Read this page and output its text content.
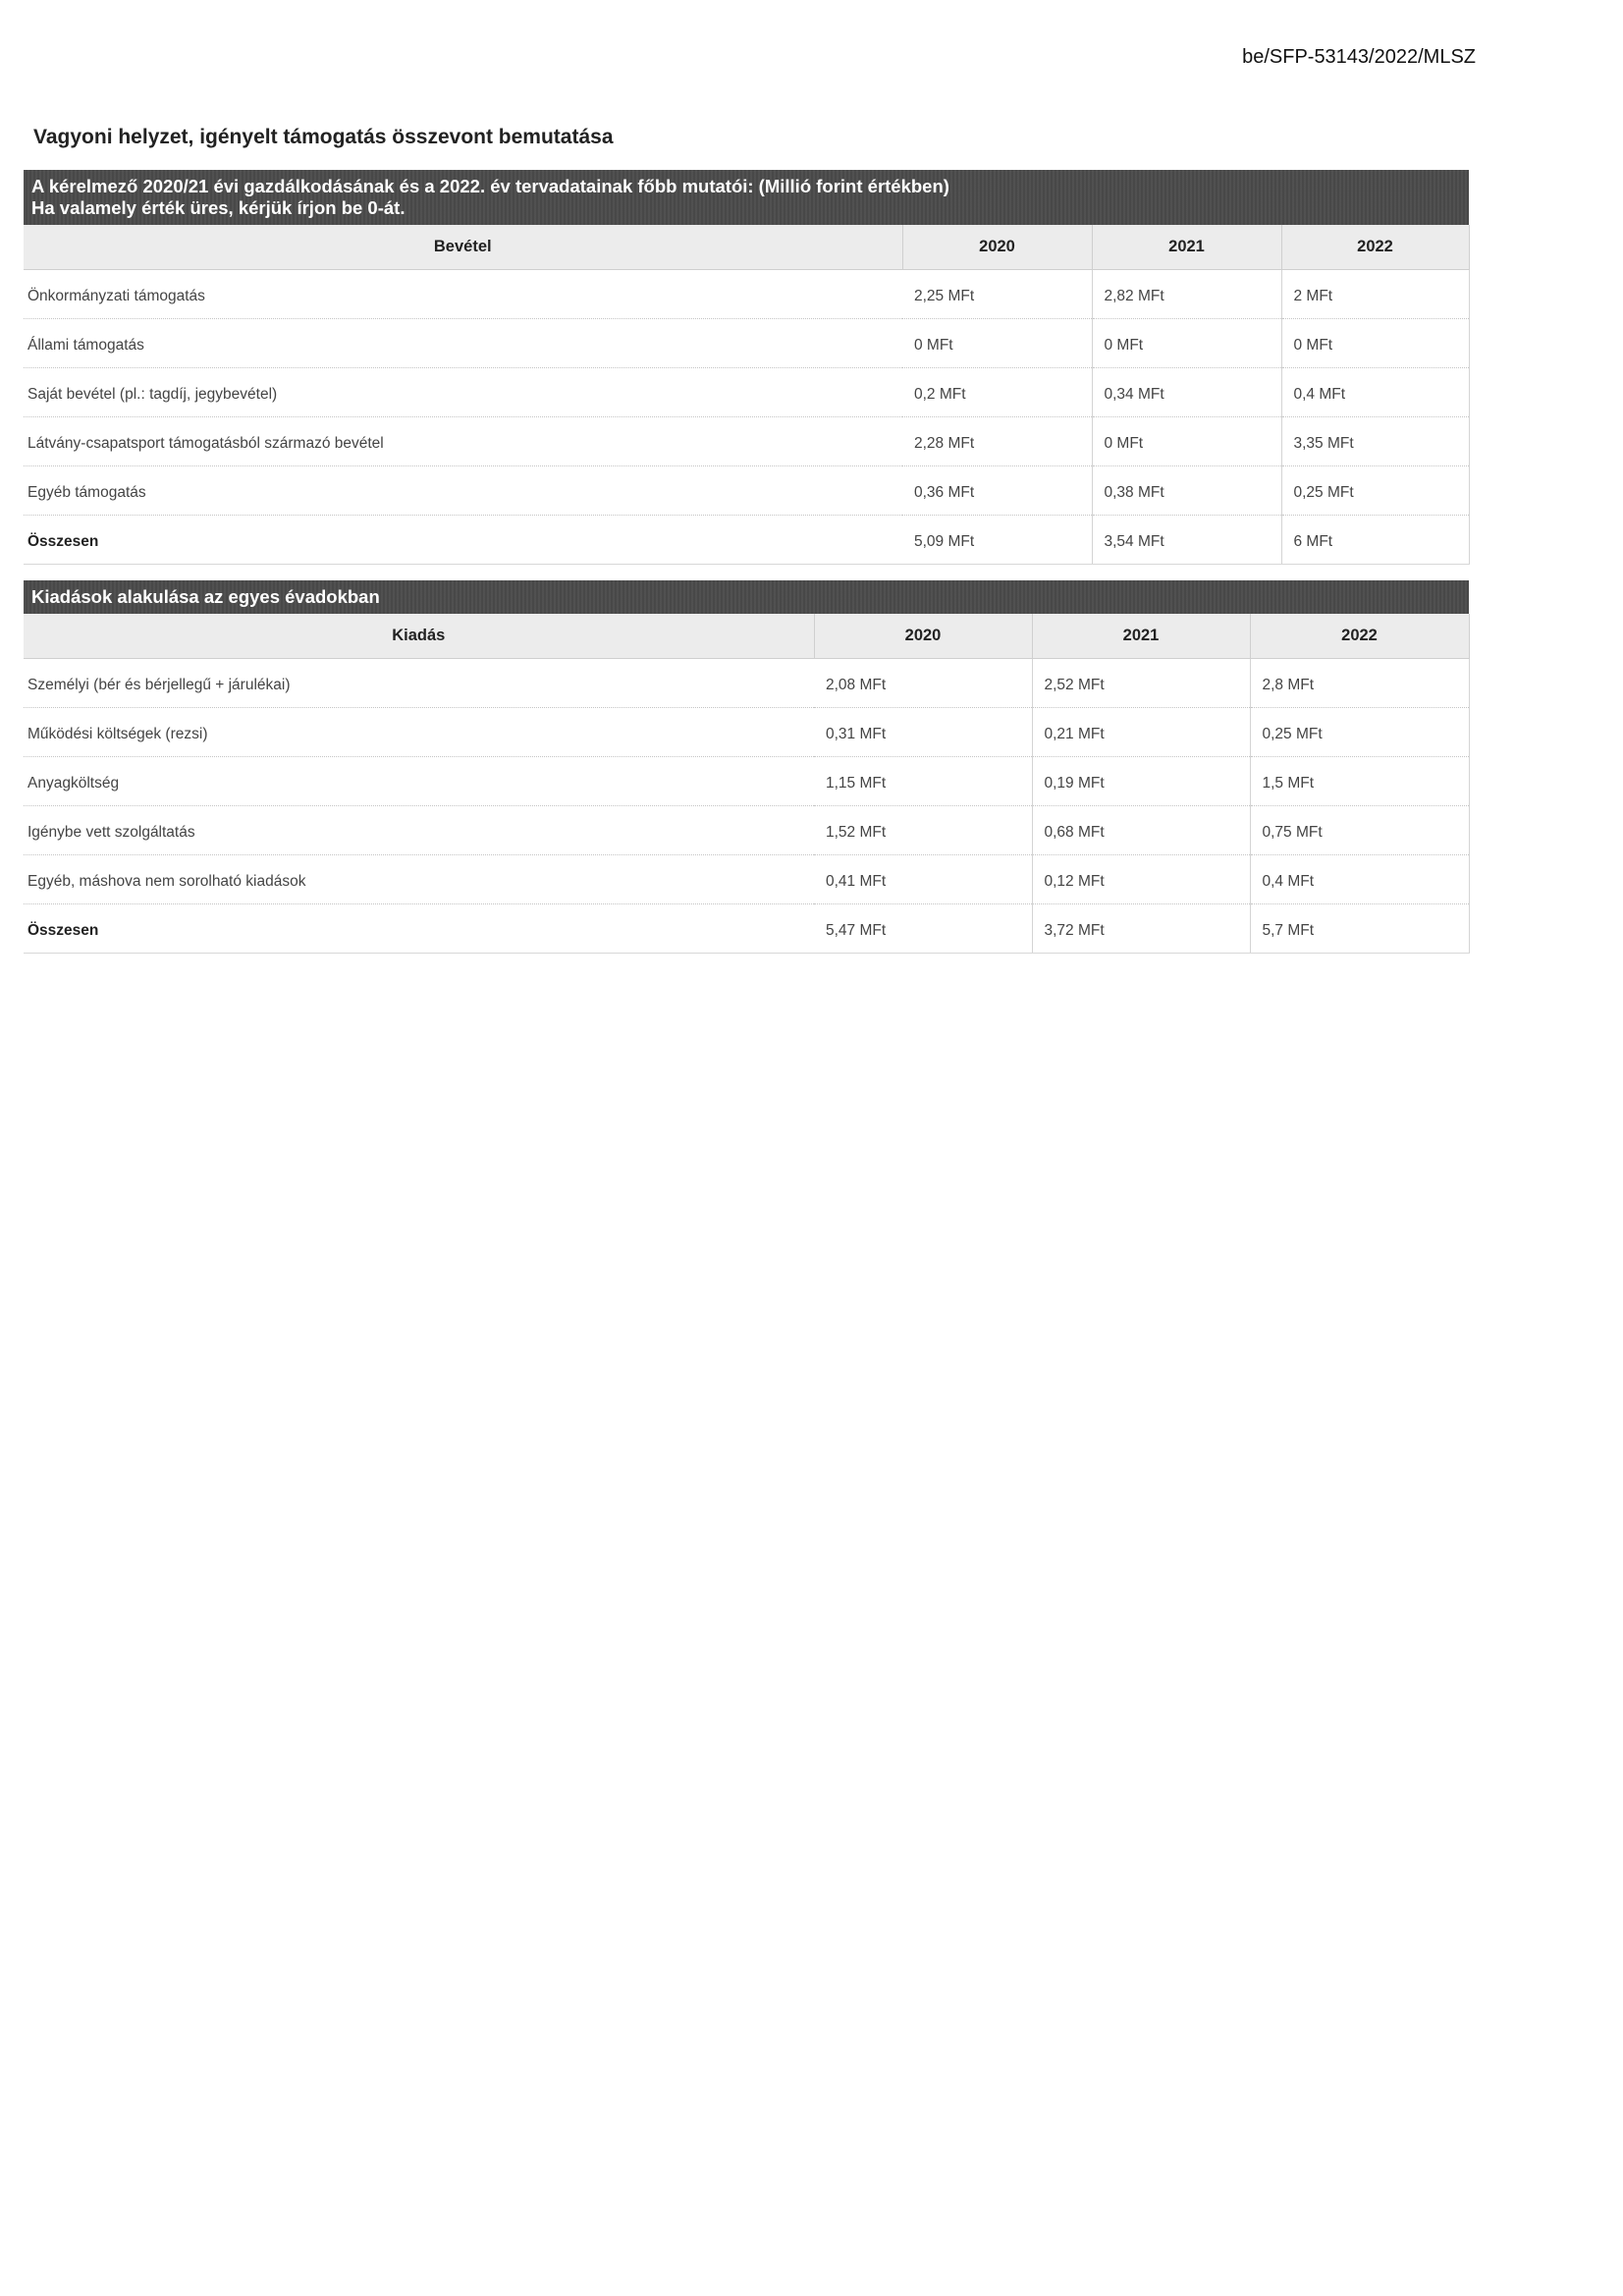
be/SFP-53143/2022/MLSZ
Vagyoni helyzet, igényelt támogatás összevont bemutatása
A kérelmező 2020/21 évi gazdálkodásának és a 2022. év tervadatainak főbb mutatói: (Millió forint értékben)
Ha valamely érték üres, kérjük írjon be 0-át.
Bevétel	2020	2021	2022
Önkormányzati támogatás	2,25 MFt	2,82 MFt	2 MFt
Állami támogatás	0 MFt	0 MFt	0 MFt
Saját bevétel (pl.: tagdíj, jegybevétel)	0,2 MFt	0,34 MFt	0,4 MFt
Látvány-csapatsport támogatásból származó bevétel	2,28 MFt	0 MFt	3,35 MFt
Egyéb támogatás	0,36 MFt	0,38 MFt	0,25 MFt
Összesen	5,09 MFt	3,54 MFt	6 MFt
Kiadások alakulása az egyes évadokban
Kiadás	2020	2021	2022
Személyi (bér és bérjellegű + járulékai)	2,08 MFt	2,52 MFt	2,8 MFt
Működési költségek (rezsi)	0,31 MFt	0,21 MFt	0,25 MFt
Anyagköltség	1,15 MFt	0,19 MFt	1,5 MFt
Igénybe vett szolgáltatás	1,52 MFt	0,68 MFt	0,75 MFt
Egyéb, máshova nem sorolható kiadások	0,41 MFt	0,12 MFt	0,4 MFt
Összesen	5,47 MFt	3,72 MFt	5,7 MFt
